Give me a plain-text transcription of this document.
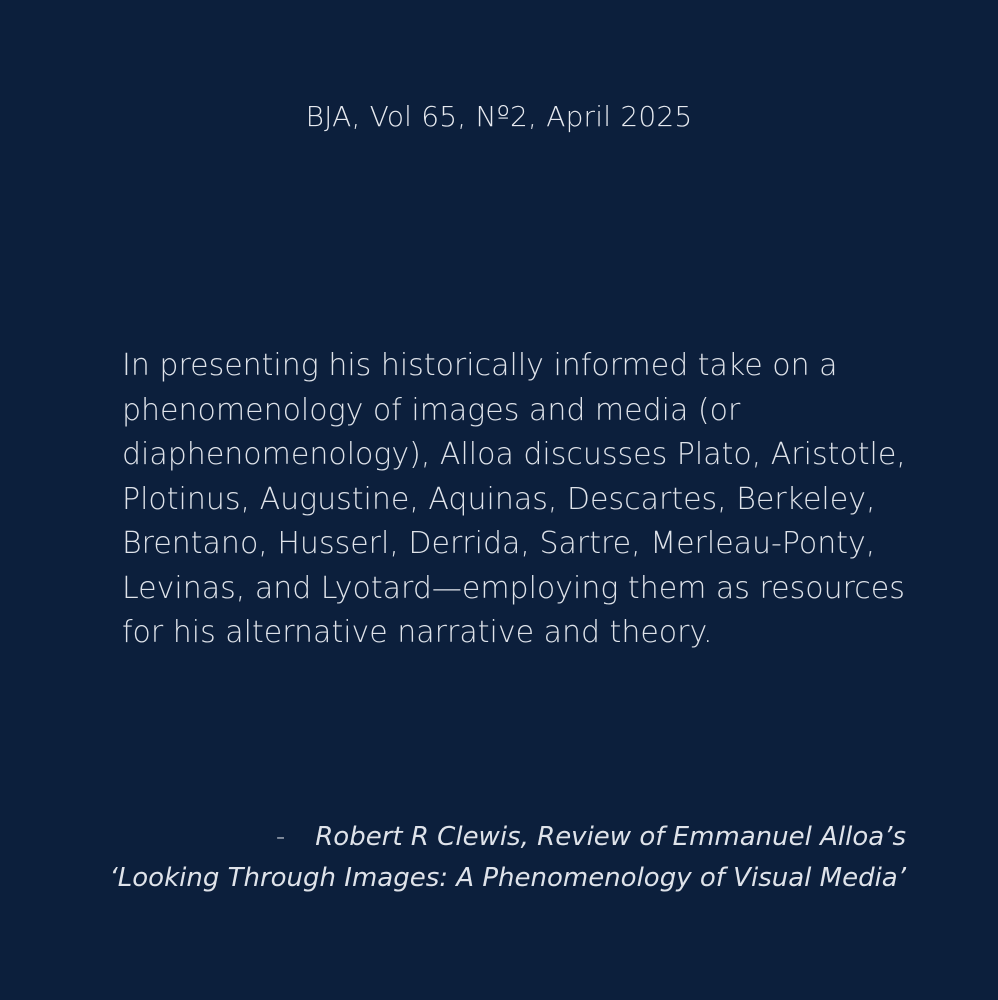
BJA, Vol 65, Nº2, April 2025

In presenting his historically informed take on a
phenomenology of images and media (or
diaphenomenology), Alloa discusses Plato, Aristotle,
Plotinus, Augustine, Aquinas, Descartes, Berkeley,
Brentano, Husserl, Derrida, Sartre, Merleau-Ponty,
Levinas, and Lyotard—employing them as resources
for his alternative narrative and theory.

- Robert R Clewis, Review of Emmanuel Alloa’s
‘Looking Through Images: A Phenomenology of Visual Media’
